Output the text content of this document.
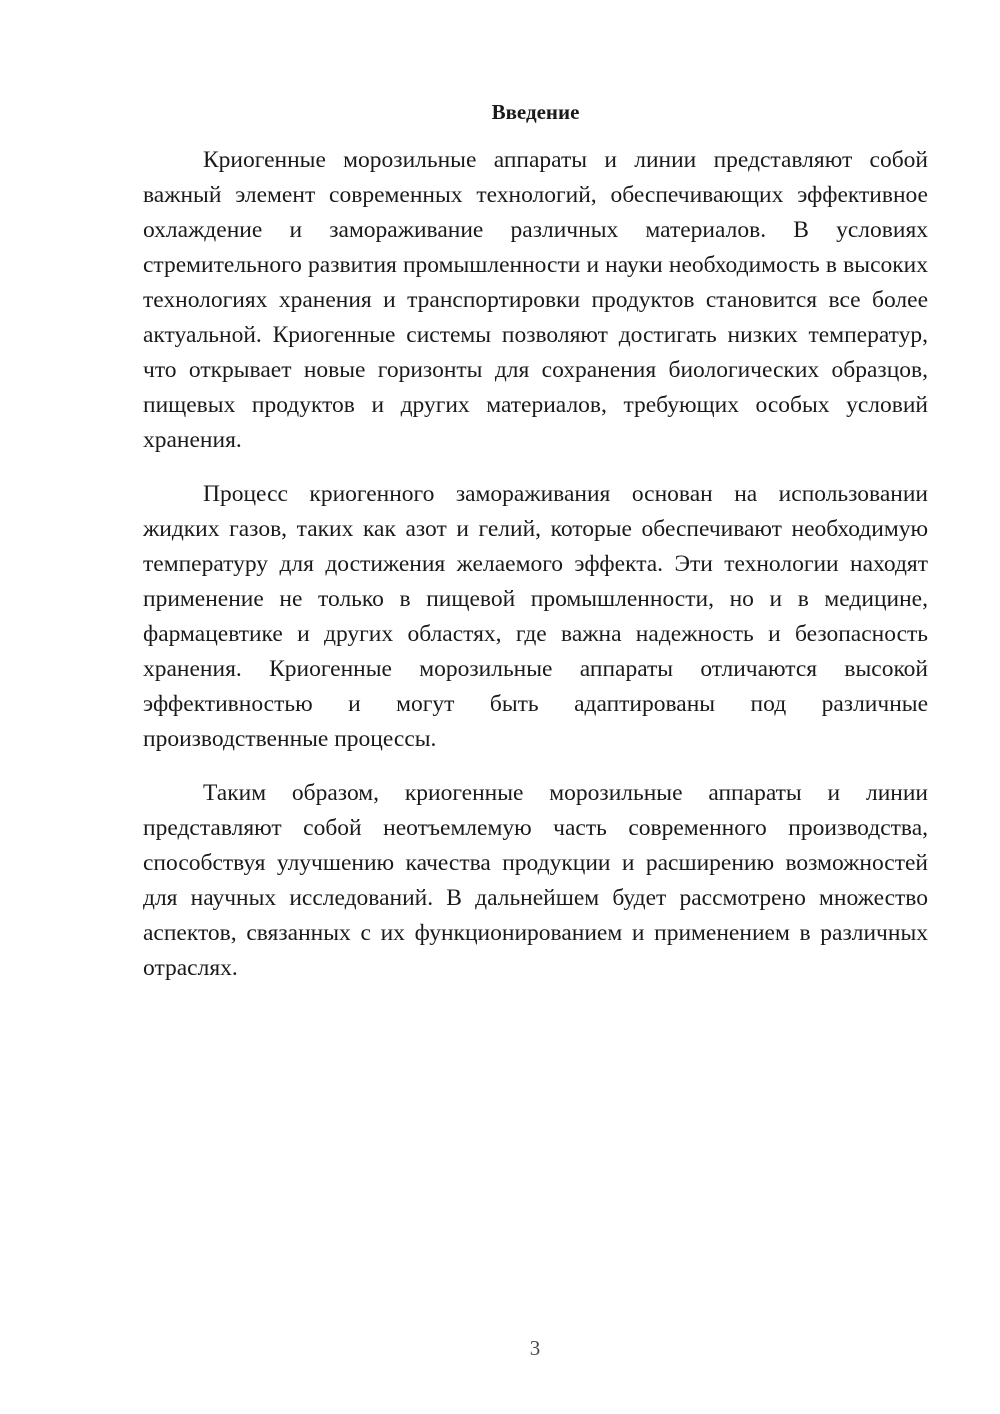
Введение

Криогенные морозильные аппараты и линии представляют собой важный элемент современных технологий, обеспечивающих эффективное охлаждение и замораживание различных материалов. В условиях стремительного развития промышленности и науки необходимость в высоких технологиях хранения и транспортировки продуктов становится все более актуальной. Криогенные системы позволяют достигать низких температур, что открывает новые горизонты для сохранения биологических образцов, пищевых продуктов и других материалов, требующих особых условий хранения.

Процесс криогенного замораживания основан на использовании жидких газов, таких как азот и гелий, которые обеспечивают необходимую температуру для достижения желаемого эффекта. Эти технологии находят применение не только в пищевой промышленности, но и в медицине, фармацевтике и других областях, где важна надежность и безопасность хранения. Криогенные морозильные аппараты отличаются высокой эффективностью и могут быть адаптированы под различные производственные процессы.

Таким образом, криогенные морозильные аппараты и линии представляют собой неотъемлемую часть современного производства, способствуя улучшению качества продукции и расширению возможностей для научных исследований. В дальнейшем будет рассмотрено множество аспектов, связанных с их функционированием и применением в различных отраслях.

3
